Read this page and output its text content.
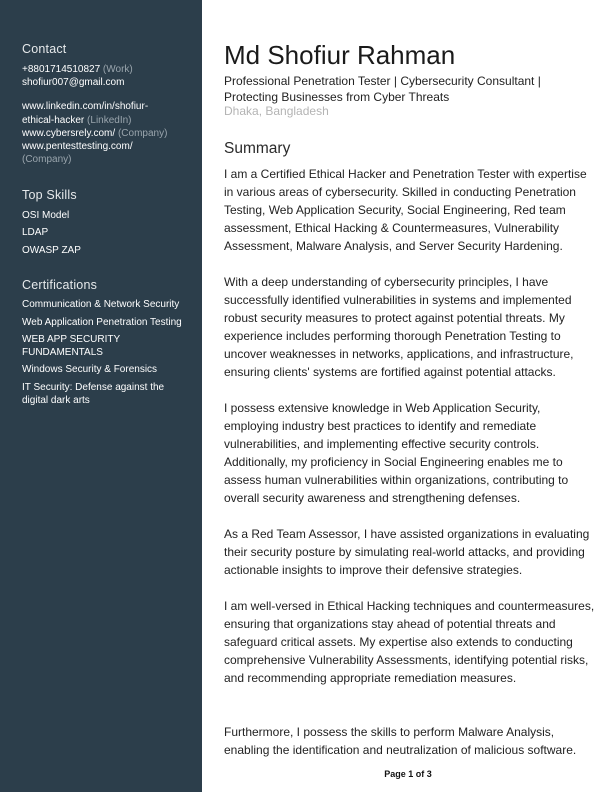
Contact
+8801714510827 (Work)
shofiur007@gmail.com
www.linkedin.com/in/shofiur-
ethical-hacker (LinkedIn)
www.cybersrely.com/ (Company)
www.pentesttesting.com/
(Company)
Top Skills
OSI Model
LDAP
OWASP ZAP
Certifications
Communication & Network Security
Web Application Penetration Testing
WEB APP SECURITY
FUNDAMENTALS
Windows Security & Forensics
IT Security: Defense against the
digital dark arts
Md Shofiur Rahman
Professional Penetration Tester | Cybersecurity Consultant |
Protecting Businesses from Cyber Threats
Dhaka, Bangladesh
Summary
I am a Certified Ethical Hacker and Penetration Tester with expertise in various areas of cybersecurity. Skilled in conducting Penetration Testing, Web Application Security, Social Engineering, Red team assessment, Ethical Hacking & Countermeasures, Vulnerability Assessment, Malware Analysis, and Server Security Hardening.
With a deep understanding of cybersecurity principles, I have successfully identified vulnerabilities in systems and implemented robust security measures to protect against potential threats. My experience includes performing thorough Penetration Testing to uncover weaknesses in networks, applications, and infrastructure, ensuring clients' systems are fortified against potential attacks.
I possess extensive knowledge in Web Application Security, employing industry best practices to identify and remediate vulnerabilities, and implementing effective security controls. Additionally, my proficiency in Social Engineering enables me to assess human vulnerabilities within organizations, contributing to overall security awareness and strengthening defenses.
As a Red Team Assessor, I have assisted organizations in evaluating their security posture by simulating real-world attacks, and providing actionable insights to improve their defensive strategies.
I am well-versed in Ethical Hacking techniques and countermeasures, ensuring that organizations stay ahead of potential threats and safeguard critical assets. My expertise also extends to conducting comprehensive Vulnerability Assessments, identifying potential risks, and recommending appropriate remediation measures.
Furthermore, I possess the skills to perform Malware Analysis, enabling the identification and neutralization of malicious software.
Page 1 of 3
